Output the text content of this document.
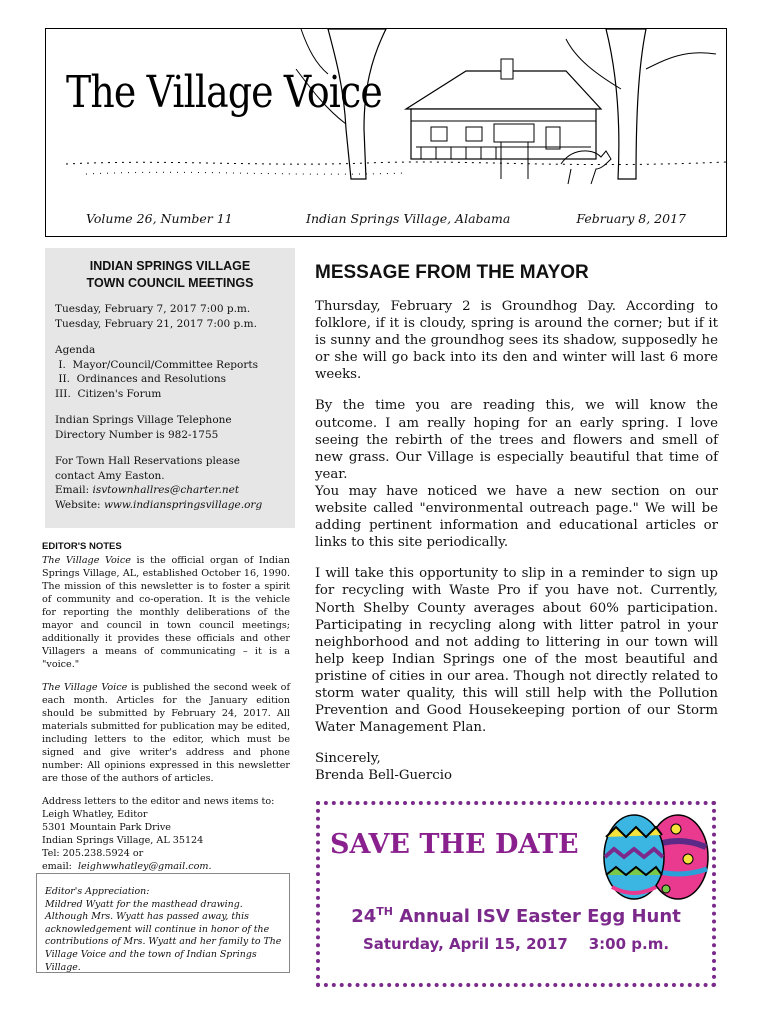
The Village Voice
Volume 26, Number 11	Indian Springs Village, Alabama	February 8, 2017
INDIAN SPRINGS VILLAGE
TOWN COUNCIL MEETINGS

Tuesday, February 7, 2017 7:00 p.m.

Tuesday, February 21, 2017 7:00 p.m.

Agenda

I.  Mayor/Council/Committee Reports

II.  Ordinances and Resolutions

III.  Citizen's Forum

Indian Springs Village Telephone

Directory Number is 982-1755

For Town Hall Reservations please

contact Amy Easton.

Email: isvtownhallres@charter.net

Website: www.indianspringsvillage.org

EDITOR'S NOTES

The Village Voice is the official organ of Indian Springs Village, AL, established October 16, 1990. The mission of this newsletter is to foster a spirit of community and co-operation. It is the vehicle for reporting the monthly deliberations of the mayor and council in town council meetings; additionally it provides these officials and other Villagers a means of communicating – it is a "voice."

The Village Voice is published the second week of each month. Articles for the January edition should be submitted by February 24, 2017. All materials submitted for publication may be edited, including letters to the editor, which must be signed and give writer's address and phone number: All opinions expressed in this newsletter are those of the authors of articles.

Address letters to the editor and news items to:

Leigh Whatley, Editor

5301 Mountain Park Drive

Indian Springs Village, AL 35124

Tel: 205.238.5924 or

email: leighwwhatley@gmail.com.

Editor's Appreciation:
Mildred Wyatt for the masthead drawing. Although Mrs. Wyatt has passed away, this acknowledgement will continue in honor of the contributions of Mrs. Wyatt and her family to The Village Voice and the town of Indian Springs Village.
MESSAGE FROM THE MAYOR

Thursday, February 2 is Groundhog Day. According to folklore, if it is cloudy, spring is around the corner; but if it is sunny and the groundhog sees its shadow, supposedly he or she will go back into its den and winter will last 6 more weeks.

By the time you are reading this, we will know the outcome. I am really hoping for an early spring. I love seeing the rebirth of the trees and flowers and smell of new grass. Our Village is especially beautiful that time of year.

You may have noticed we have a new section on our website called "environmental outreach page." We will be adding pertinent information and educational articles or links to this site periodically.

I will take this opportunity to slip in a reminder to sign up for recycling with Waste Pro if you have not. Currently, North Shelby County averages about 60% participation. Participating in recycling along with litter patrol in your neighborhood and not adding to littering in our town will help keep Indian Springs one of the most beautiful and pristine of cities in our area. Though not directly related to storm water quality, this will still help with the Pollution Prevention and Good Housekeeping portion of our Storm Water Management Plan.

Sincerely,

Brenda Bell-Guercio

SAVE THE DATE
24TH Annual ISV Easter Egg Hunt
Saturday, April 15, 2017    3:00 p.m.
